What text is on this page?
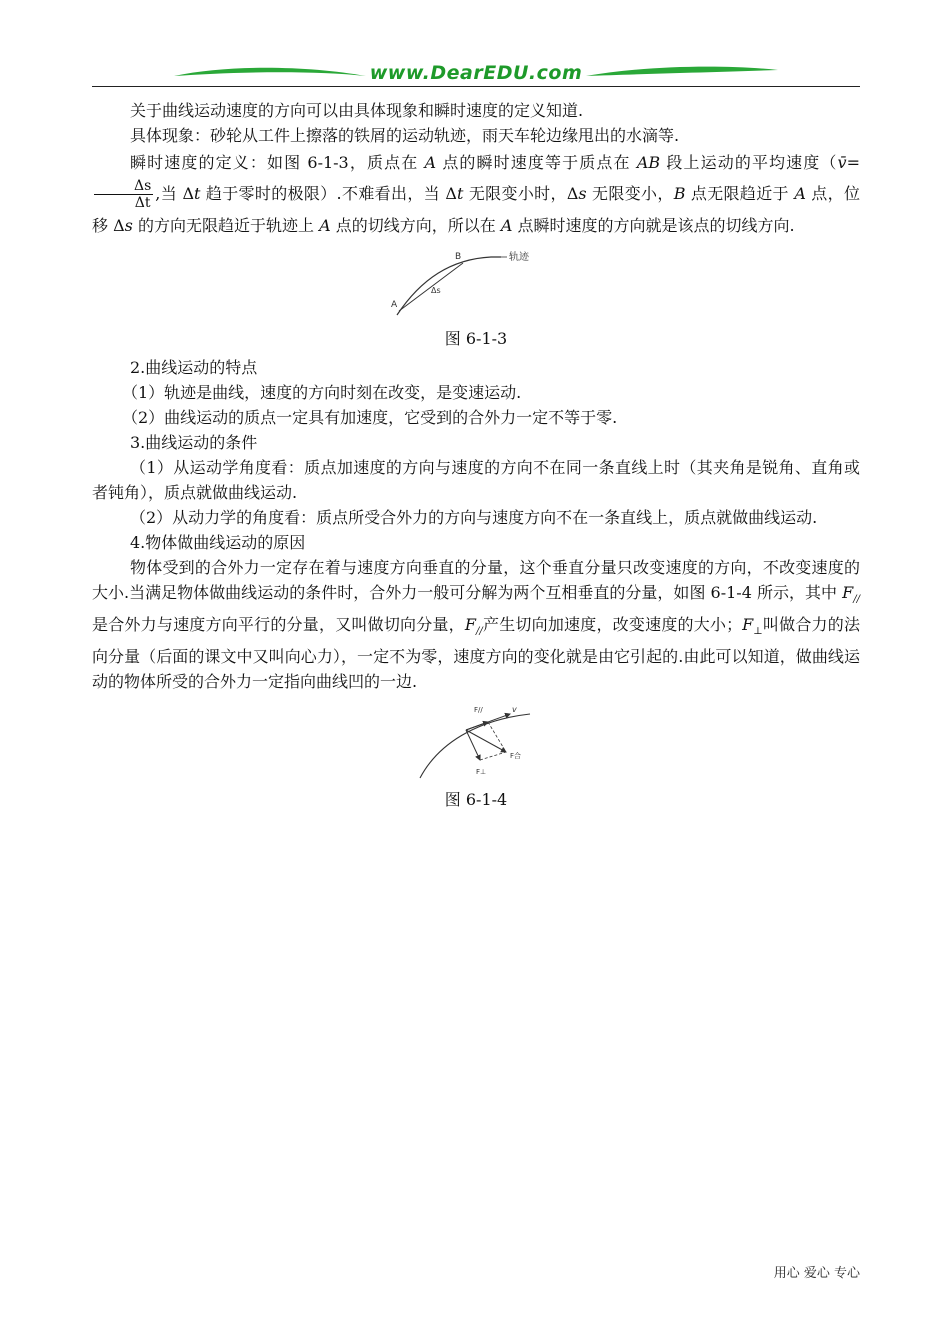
www.DearEDU.com

关于曲线运动速度的方向可以由具体现象和瞬时速度的定义知道.

具体现象：砂轮从工件上擦落的铁屑的运动轨迹，雨天车轮边缘甩出的水滴等.

瞬时速度的定义：如图 6-1-3，质点在 A 点的瞬时速度等于质点在 AB 段上运动的平均速度（v̄=
$\frac{\Delta s}{\Delta t}$ ,当 Δt 趋于零时的极限）.不难看出，当 Δt 无限变小时，Δs 无限变小，B 点无限趋近于 A 点，位移 Δs 的方向无限趋近于轨迹上 A 点的切线方向，所以在 A 点瞬时速度的方向就是该点的切线方向.

B
A
Δs
轨迹
图 6-1-3

2.曲线运动的特点

（1）轨迹是曲线，速度的方向时刻在改变，是变速运动.

（2）曲线运动的质点一定具有加速度，它受到的合外力一定不等于零.

3.曲线运动的条件

（1）从运动学角度看：质点加速度的方向与速度的方向不在同一条直线上时（其夹角是锐角、直角或者钝角），质点就做曲线运动.

（2）从动力学的角度看：质点所受合外力的方向与速度方向不在一条直线上，质点就做曲线运动.

4.物体做曲线运动的原因

物体受到的合外力一定存在着与速度方向垂直的分量，这个垂直分量只改变速度的方向，不改变速度的大小.当满足物体做曲线运动的条件时，合外力一般可分解为两个互相垂直的分量，如图 6-1-4 所示，其中 $F_{//}$是合外力与速度方向平行的分量，又叫做切向分量，$F_{//}$产生切向加速度，改变速度的大小；$F_\perp$叫做合力的法向分量（后面的课文中又叫向心力），一定不为零，速度方向的变化就是由它引起的.由此可以知道，做曲线运动的物体所受的合外力一定指向曲线凹的一边.

v
F//
F合
F⊥
图 6-1-4
用心 爱心 专心
